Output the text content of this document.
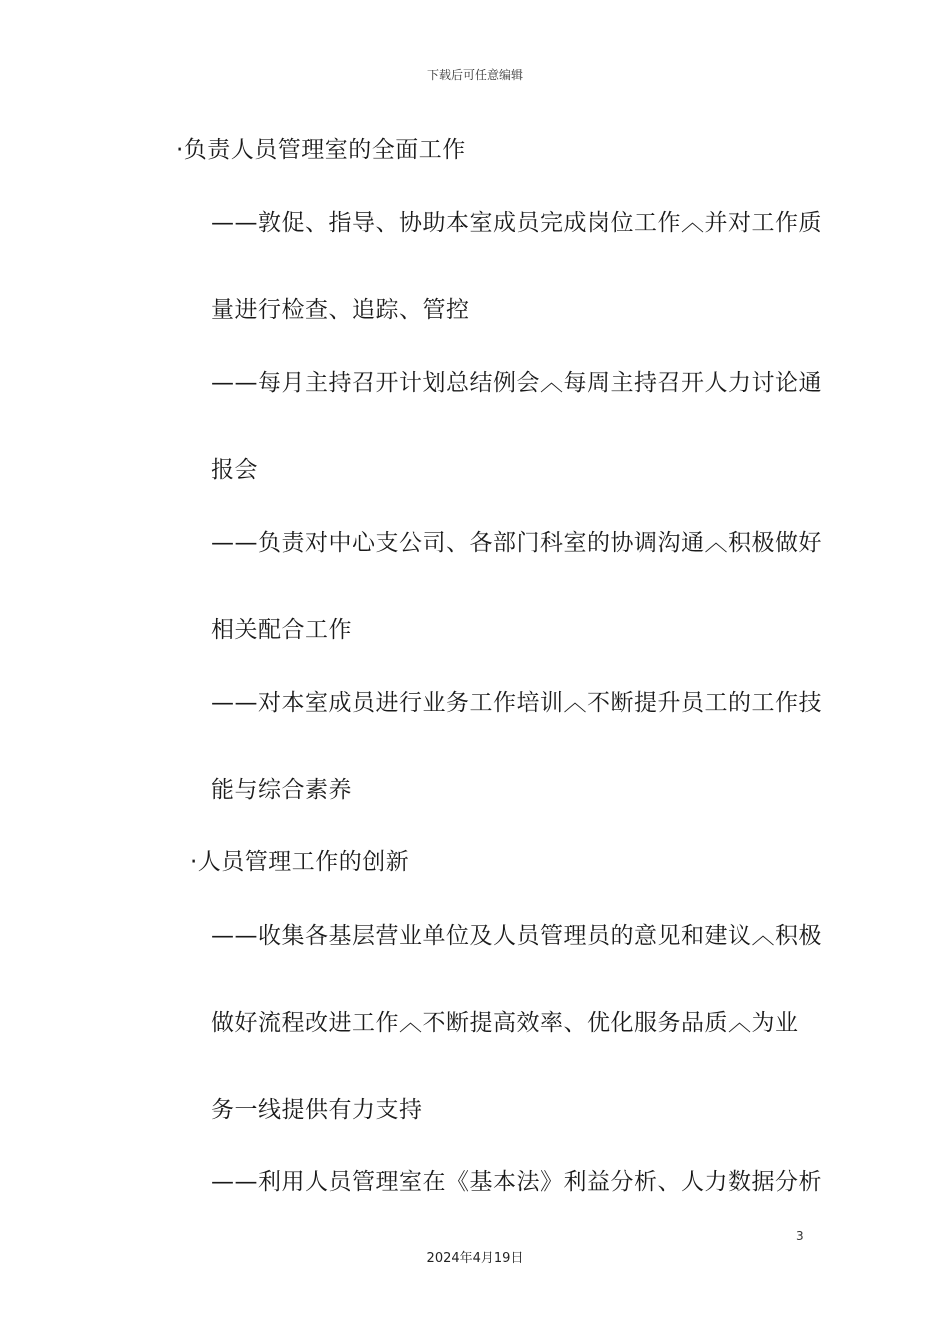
下载后可任意编辑
·负责人员管理室的全面工作
——敦促、指导、协助本室成员完成岗位工作︿并对工作质
量进行检查、追踪、管控
——每月主持召开计划总结例会︿每周主持召开人力讨论通
报会
——负责对中心支公司、各部门科室的协调沟通︿积极做好
相关配合工作
——对本室成员进行业务工作培训︿不断提升员工的工作技
能与综合素养
·人员管理工作的创新
——收集各基层营业单位及人员管理员的意见和建议︿积极
做好流程改进工作︿不断提高效率、优化服务品质︿为业
务一线提供有力支持
——利用人员管理室在《基本法》利益分析、人力数据分析
3
2024年4月19日
